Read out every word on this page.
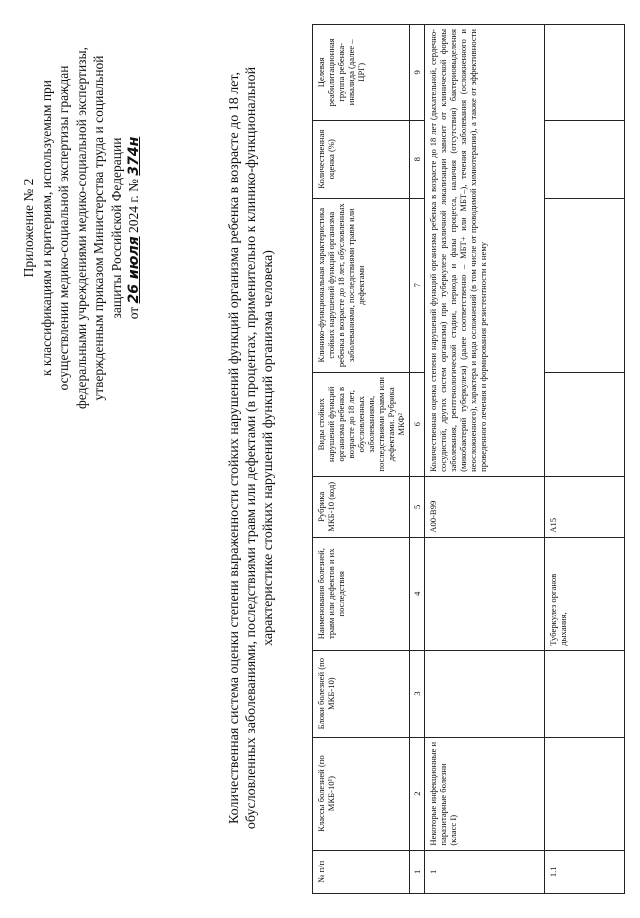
Приложение № 2 к классификациям и критериям, используемым при осуществлении медико-социальной экспертизы граждан федеральными учреждениями медико-социальной экспертизы, утвержденным приказом Министерства труда и социальной защиты Российской Федерации от 26 июля 2024 г. № 374н	Количественная система оценки степени выраженности стойких нарушений функций организма ребенка в возрасте до 18 лет, обусловленных заболеваниями, последствиями травм или дефектами (в процентах, применительно к клинико-функциональной характеристике стойких нарушений функций организма человека)
№ п/п	Классы болезней (по МКБ-10¹)	Блоки болезней (по МКБ-10)	Наименования болезней, травм или дефектов и их последствия	Рубрика МКБ-10 (код)	Виды стойких нарушений функций организма ребенка в возрасте до 18 лет, обусловленных заболеваниями, последствиями травм или дефектами. Рубрика МКФ²	Клинико-функциональная характеристика стойких нарушений функций организма ребенка в возрасте до 18 лет, обусловленных заболеваниями, последствиями травм или дефектами	Количественная оценка (%)	Целевая реабилитационная группа ребенка-инвалида (далее – ЦРГ)
1	2	3	4	5	6	7	8	9
1	Некоторые инфекционные и паразитарные болезни (класс I)			A00-B99	Количественная оценка степени нарушений функций организма ребенка в возрасте до 18 лет (дыхательной, сердечно-сосудистой, других систем организма) при туберкулезе различной локализации зависит от клинической формы заболевания, рентгенологической стадии, периода и фазы процесса, наличия (отсутствия) бактериовыделения (микобактерий туберкулеза) (далее соответственно – МБТ+ или МБТ–), течения заболевания (осложненного и неосложненного), характера и вида осложнений (в том числе от проводимой химиотерапии), а также от эффективности проведенного лечения и формирования резистентности к нему			
1.1			Туберкулез органов дыхания,	A15				
